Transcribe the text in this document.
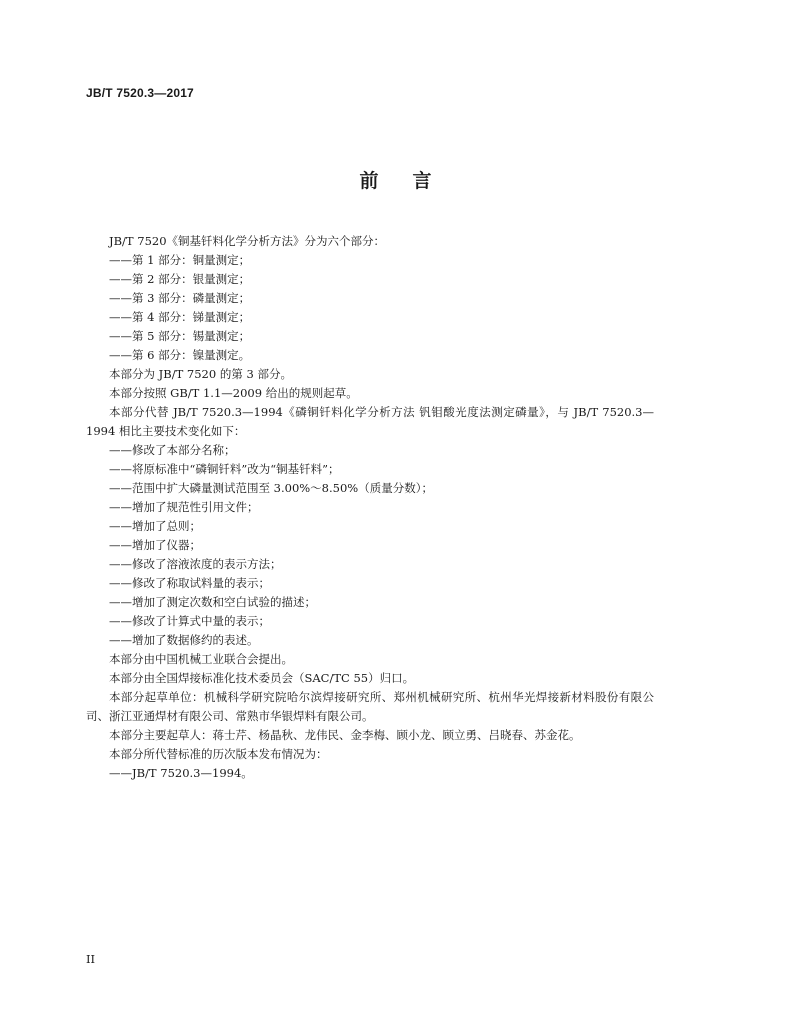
JB/T 7520.3—2017
前言

JB/T 7520《铜基钎料化学分析方法》分为六个部分：

——第 1 部分：铜量测定；

——第 2 部分：银量测定；

——第 3 部分：磷量测定；

——第 4 部分：锑量测定；

——第 5 部分：锡量测定；

——第 6 部分：镍量测定。

本部分为 JB/T 7520 的第 3 部分。

本部分按照 GB/T 1.1—2009 给出的规则起草。

本部分代替 JB/T 7520.3—1994《磷铜钎料化学分析方法 钒钼酸光度法测定磷量》，与 JB/T 7520.3—1994 相比主要技术变化如下：

——修改了本部分名称；

——将原标准中“磷铜钎料”改为“铜基钎料”；

——范围中扩大磷量测试范围至 3.00%～8.50%（质量分数）；

——增加了规范性引用文件；

——增加了总则；

——增加了仪器；

——修改了溶液浓度的表示方法；

——修改了称取试料量的表示；

——增加了测定次数和空白试验的描述；

——修改了计算式中量的表示；

——增加了数据修约的表述。

本部分由中国机械工业联合会提出。

本部分由全国焊接标准化技术委员会（SAC/TC 55）归口。

本部分起草单位：机械科学研究院哈尔滨焊接研究所、郑州机械研究所、杭州华光焊接新材料股份有限公司、浙江亚通焊材有限公司、常熟市华银焊料有限公司。

本部分主要起草人：蒋士芹、杨晶秋、龙伟民、金李梅、顾小龙、顾立勇、吕晓春、苏金花。

本部分所代替标准的历次版本发布情况为：

——JB/T 7520.3—1994。

II
